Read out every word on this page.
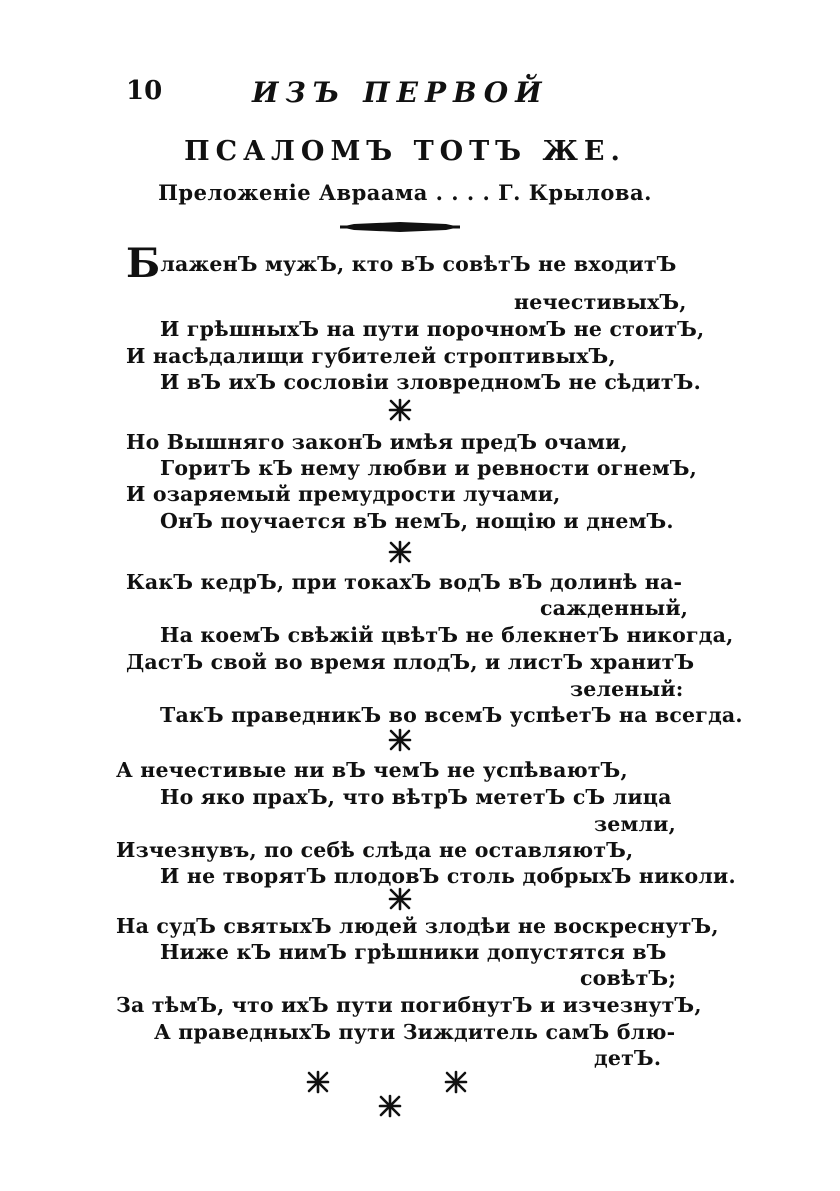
10	ИЗЪ ПЕРВОЙ
ПСАЛОМЪ ТОТЪ ЖЕ.
Преложеніе Авраама . . . . Г. Крылова.
БлаженЪ мужЪ, кто вЪ совѣтЪ не входитЪ
нечестивыхЪ,
И грѣшныхЪ на пути порочномЪ не стоитЪ,
И насѣдалищи губителей строптивыхЪ,
И вЪ ихЪ сословіи зловредномЪ не сѣдитЪ.
Но Вышняго законЪ имѣя предЪ очами,
ГоритЪ кЪ нему любви и ревности огнемЪ,
И озаряемый премудрости лучами,
ОнЪ поучается вЪ немЪ, нощію и днемЪ.
КакЪ кедрЪ, при токахЪ водЪ вЪ долинѣ на-
сажденный,
На коемЪ свѣжій цвѣтЪ не блекнетЪ никогда,
ДастЪ свой во время плодЪ, и листЪ хранитЪ
зеленый:
ТакЪ праведникЪ во всемЪ успѣетЪ на всегда.
А нечестивые ни вЪ чемЪ не успѣваютЪ,
Но яко прахЪ, что вѣтрЪ мететЪ сЪ лица
земли,
Изчезнувъ, по себѣ слѣда не оставляютЪ,
И не творятЪ плодовЪ столь добрыхЪ николи.
На судЪ святыхЪ людей злодѣи не воскреснутЪ,
Ниже кЪ нимЪ грѣшники допустятся вЪ
совѣтЪ;
За тѣмЪ, что ихЪ пути погибнутЪ и изчезнутЪ,
А праведныхЪ пути Зиждитель самЪ блю-
детЪ.
